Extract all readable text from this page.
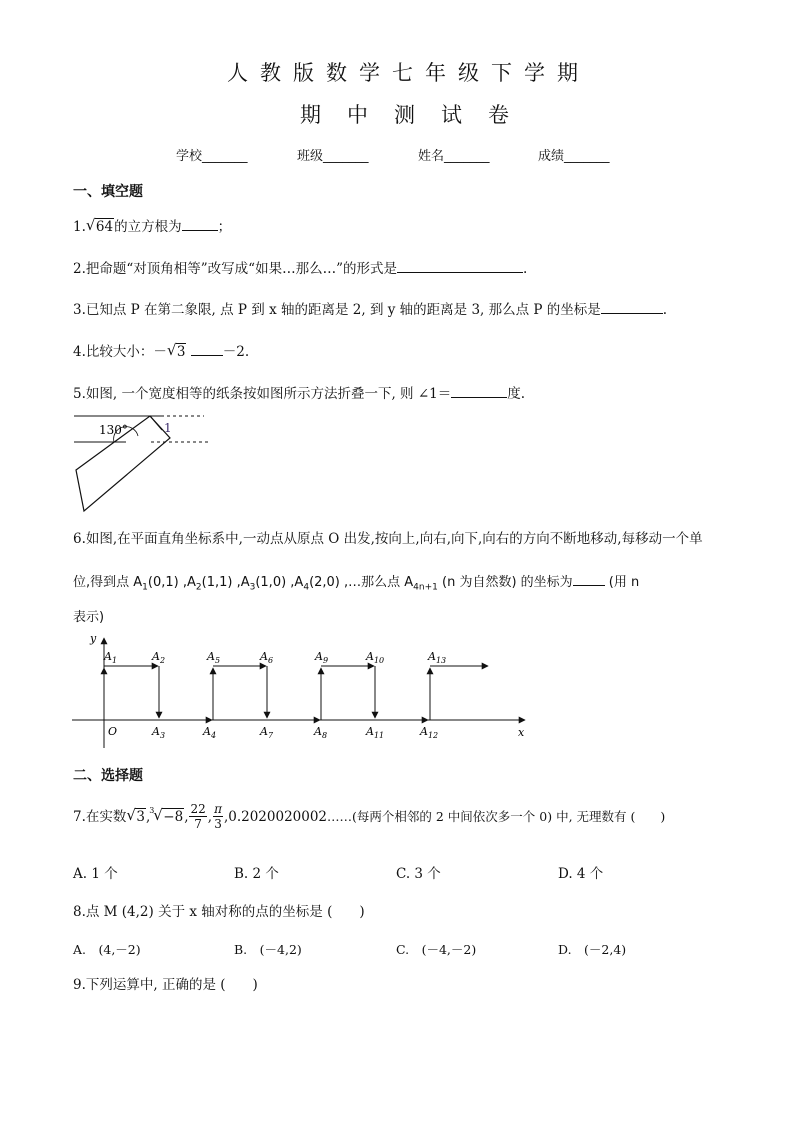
人教版数学七年级下学期
期中测试卷
学校_______	班级_______	姓名_______	成绩_______
一、填空题
1. √ 64的立方根为	；
2.把命题“对顶角相等”改写成“如果…那么…”的形式是	.
3.已知点 P 在第二象限, 点 P 到 x 轴的距离是 2, 到 y 轴的距离是 3, 那么点 P 的坐标是	.
4.比较大小：－ √ 3	－2.
5.如图, 一个宽度相等的纸条按如图所示方法折叠一下, 则 ∠1＝	度.
130°	1
6.如图,在平面直角坐标系中,一动点从原点 O 出发,按向上,向右,向下,向右的方向不断地移动,每移动一个单
位,得到点 $A_1(0,1)$ $,A_2(1,1)$ $,A_3(1,0)$ $,A_4(2,0)$ ,…那么点 $A_{4n+1}$ (n 为自然数) 的坐标为 (用 n
表示)
y
x
O
$A_1$	$A_2$	$A_5$	$A_6$	$A_9$	$A_{10}$	$A_{13}$
$A_3$	$A_4$	$A_7$	$A_8$	$A_{11}$	$A_{12}$
二、选择题
7.在实数 √ 3 , √ 3 −8 , $\frac{22}{7}$ , $\frac{\pi}{3} ,0.2020020002$ ……(每两个相邻的 2 中间依次多一个 0) 中, 无理数有 (　　)
A. 1 个	B. 2 个	C. 3 个	D. 4 个
8.点 M (4,2) 关于 x 轴对称的点的坐标是 (　　)
A.　(4,－2)	B.　(－4,2)	C.　(－4,－2)	D.　(－2,4)
9.下列运算中, 正确的是 (　　)
